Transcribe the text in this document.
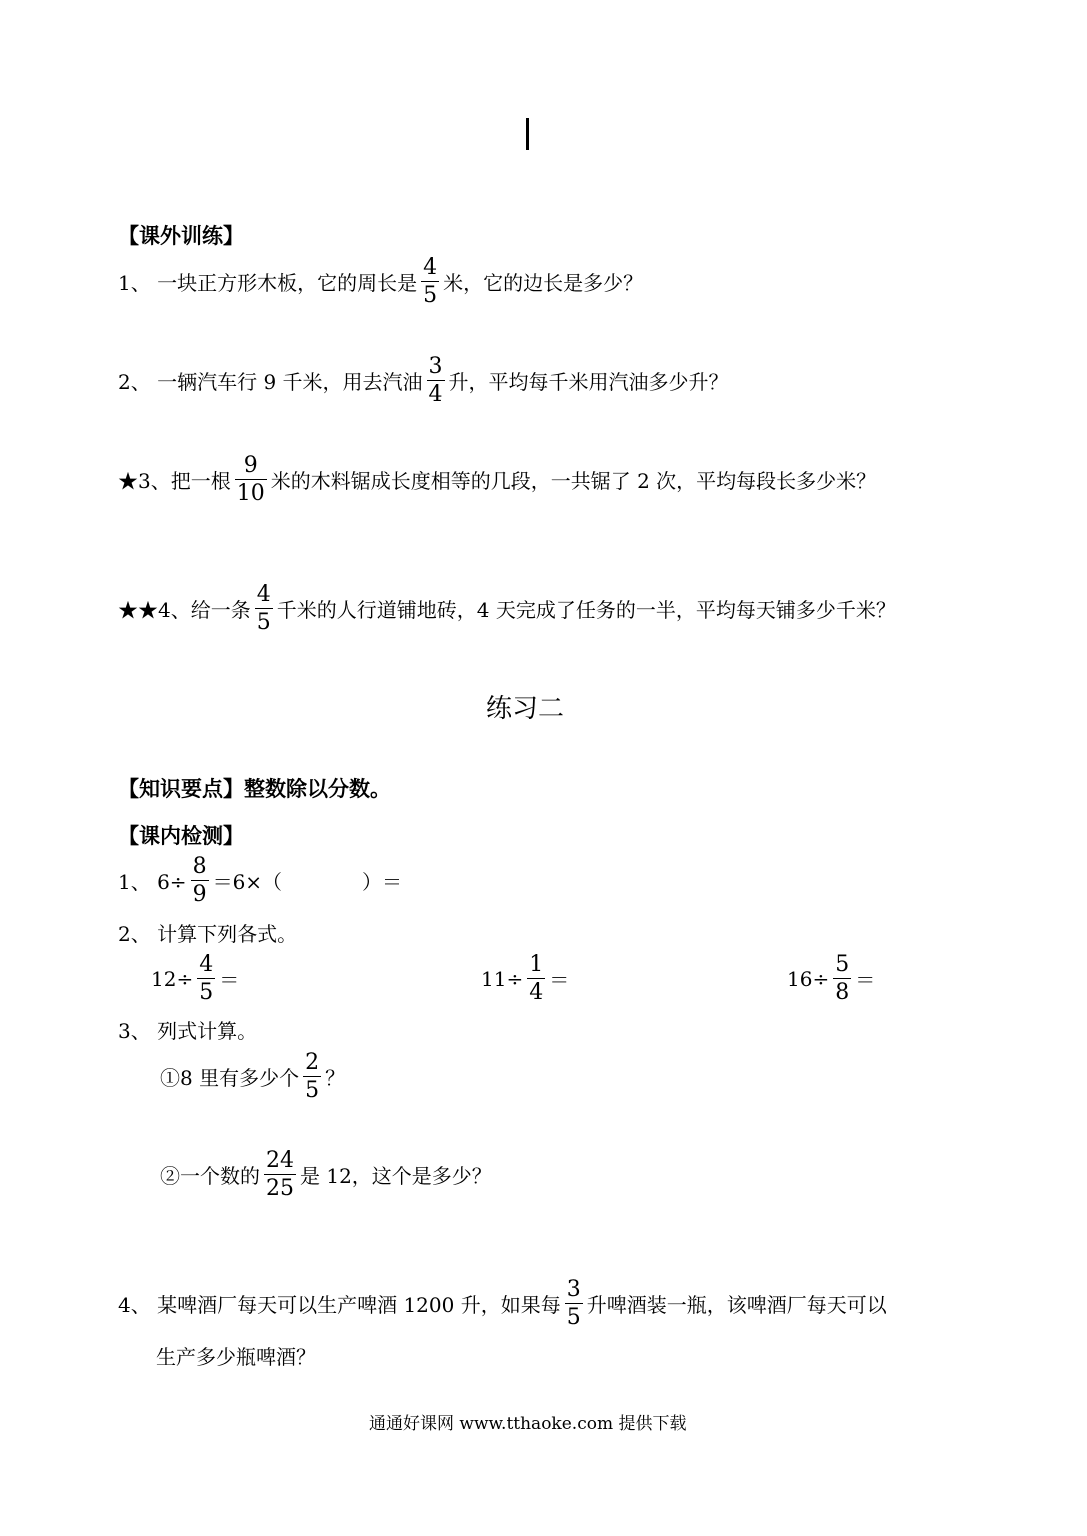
【课外训练】
1、 一块正方形木板，它的周长是 $\frac{4}{5}$ 米，它的边长是多少？
2、 一辆汽车行 9 千米，用去汽油 $\frac{3}{4}$ 升，平均每千米用汽油多少升？
★3、把一根 $\frac{9}{10}$ 米的木料锯成长度相等的几段，一共锯了 2 次，平均每段长多少米？
★★4、给一条 $\frac{4}{5}$ 千米的人行道铺地砖，4 天完成了任务的一半，平均每天铺多少千米？
练习二
【知识要点】整数除以分数。
【课内检测】
1、 $6\div \frac{8}{9} =6\times$（　　　　）＝
2、 计算下列各式。
$12\div \frac{4}{5}$ ＝	$11\div \frac{1}{4}$ ＝	$16\div \frac{5}{8}$ ＝
3、 列式计算。
①8 里有多少个 $\frac{2}{5}$ ？
②一个数的 $\frac{24}{25}$ 是 12，这个是多少？
4、 某啤酒厂每天可以生产啤酒 1200 升，如果每 $\frac{3}{5}$ 升啤酒装一瓶，该啤酒厂每天可以
生产多少瓶啤酒？
通通好课网 www.tthaoke.com 提供下载
